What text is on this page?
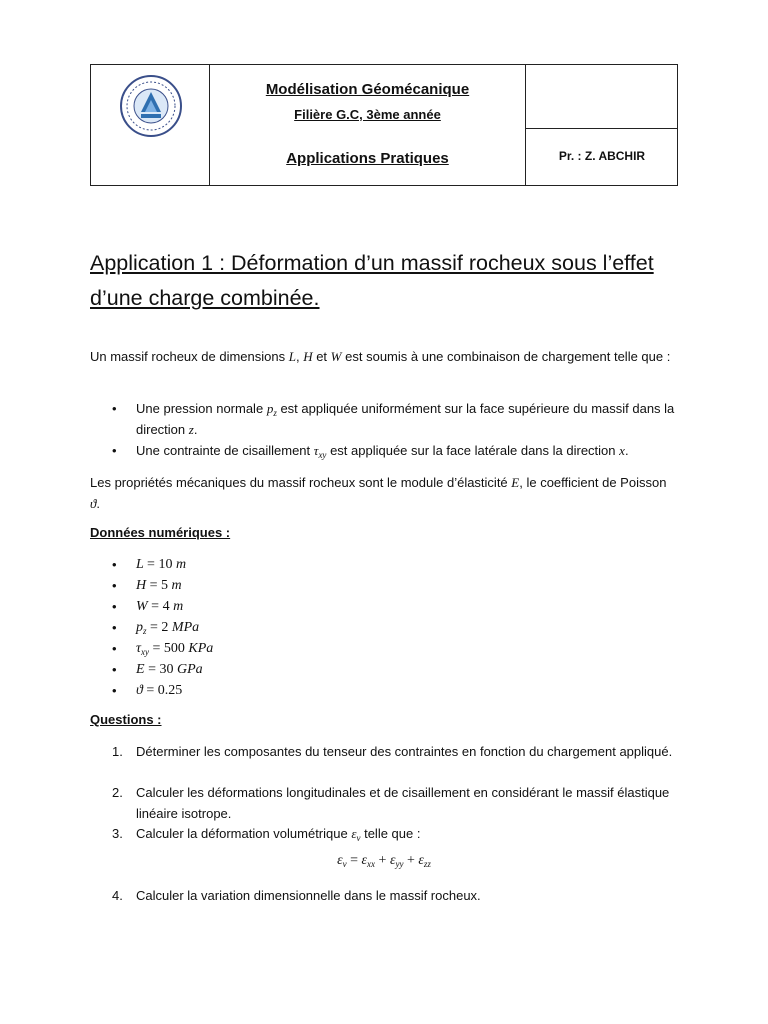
Modélisation Géomécanique
Filière G.C, 3ème année
Applications Pratiques	Pr. : Z. ABCHIR
Application 1 : Déformation d’un massif rocheux sous l’effet d’une charge combinée.
Un massif rocheux de dimensions L, H et W est soumis à une combinaison de chargement telle que :
• Une pression normale $p_z$ est appliquée uniformément sur la face supérieure du massif dans la direction z.
• Une contrainte de cisaillement $\tau_{xy}$ est appliquée sur la face latérale dans la direction x.
Les propriétés mécaniques du massif rocheux sont le module d’élasticité E, le coefficient de Poisson ϑ.
Données numériques :
• L = 10 m
• H = 5 m
• W = 4 m
• $p_z = 2$ MPa
• $\tau_{xy} = 500$ KPa
• E = 30 GPa
• ϑ = 0.25
Questions :
1. Déterminer les composantes du tenseur des contraintes en fonction du chargement appliqué.
2. Calculer les déformations longitudinales et de cisaillement en considérant le massif élastique linéaire isotrope.
3. Calculer la déformation volumétrique $\varepsilon_v$ telle que :
$\varepsilon_v = \varepsilon_{xx} + \varepsilon_{yy} + \varepsilon_{zz}$
4. Calculer la variation dimensionnelle dans le massif rocheux.
